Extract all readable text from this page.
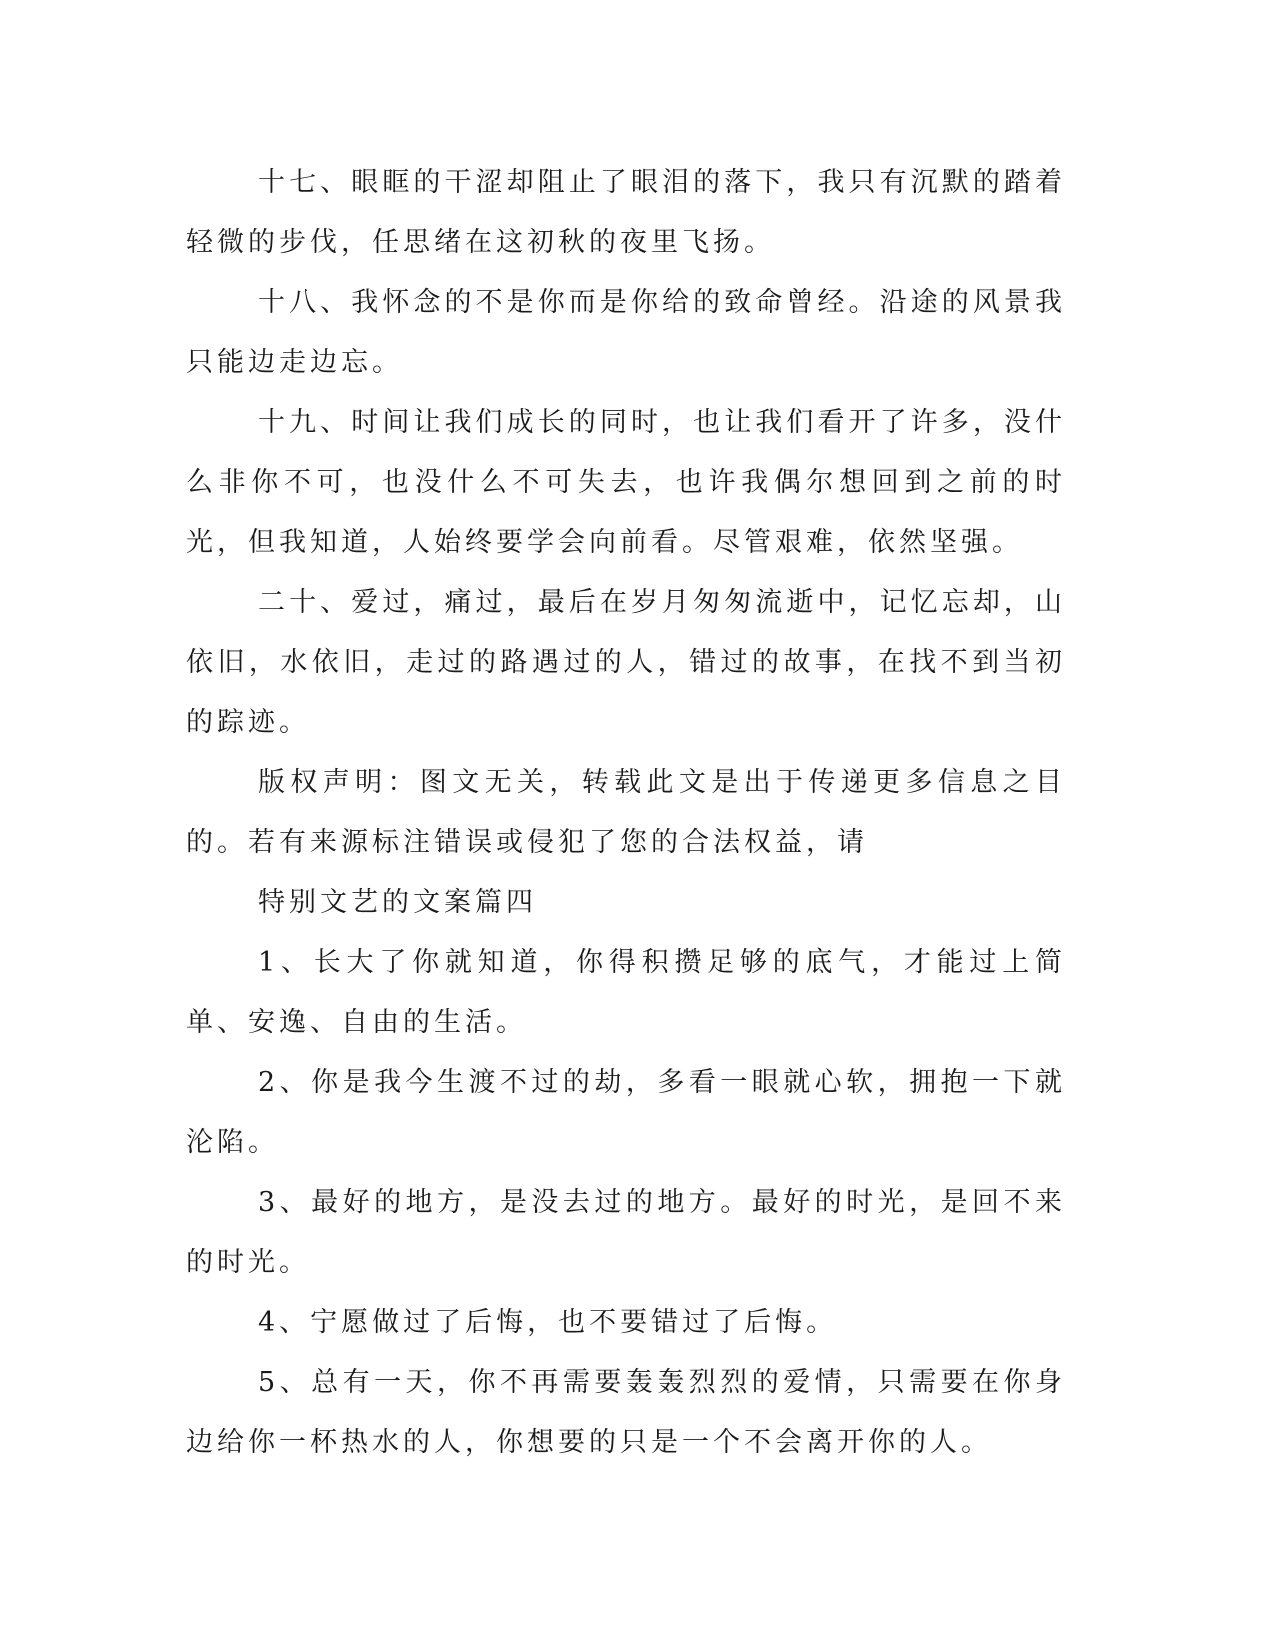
十七、眼眶的干涩却阻止了眼泪的落下，我只有沉默的踏着轻微的步伐，任思绪在这初秋的夜里飞扬。

十八、我怀念的不是你而是你给的致命曾经。沿途的风景我只能边走边忘。

十九、时间让我们成长的同时，也让我们看开了许多，没什么非你不可，也没什么不可失去，也许我偶尔想回到之前的时光，但我知道，人始终要学会向前看。尽管艰难，依然坚强。

二十、爱过，痛过，最后在岁月匆匆流逝中，记忆忘却，山依旧，水依旧，走过的路遇过的人，错过的故事，在找不到当初的踪迹。

版权声明：图文无关，转载此文是出于传递更多信息之目的。若有来源标注错误或侵犯了您的合法权益，请

特别文艺的文案篇四

1、长大了你就知道，你得积攒足够的底气，才能过上简单、安逸、自由的生活。

2、你是我今生渡不过的劫，多看一眼就心软，拥抱一下就沦陷。

3、最好的地方，是没去过的地方。最好的时光，是回不来的时光。

4、宁愿做过了后悔，也不要错过了后悔。

5、总有一天，你不再需要轰轰烈烈的爱情，只需要在你身边给你一杯热水的人，你想要的只是一个不会离开你的人。
